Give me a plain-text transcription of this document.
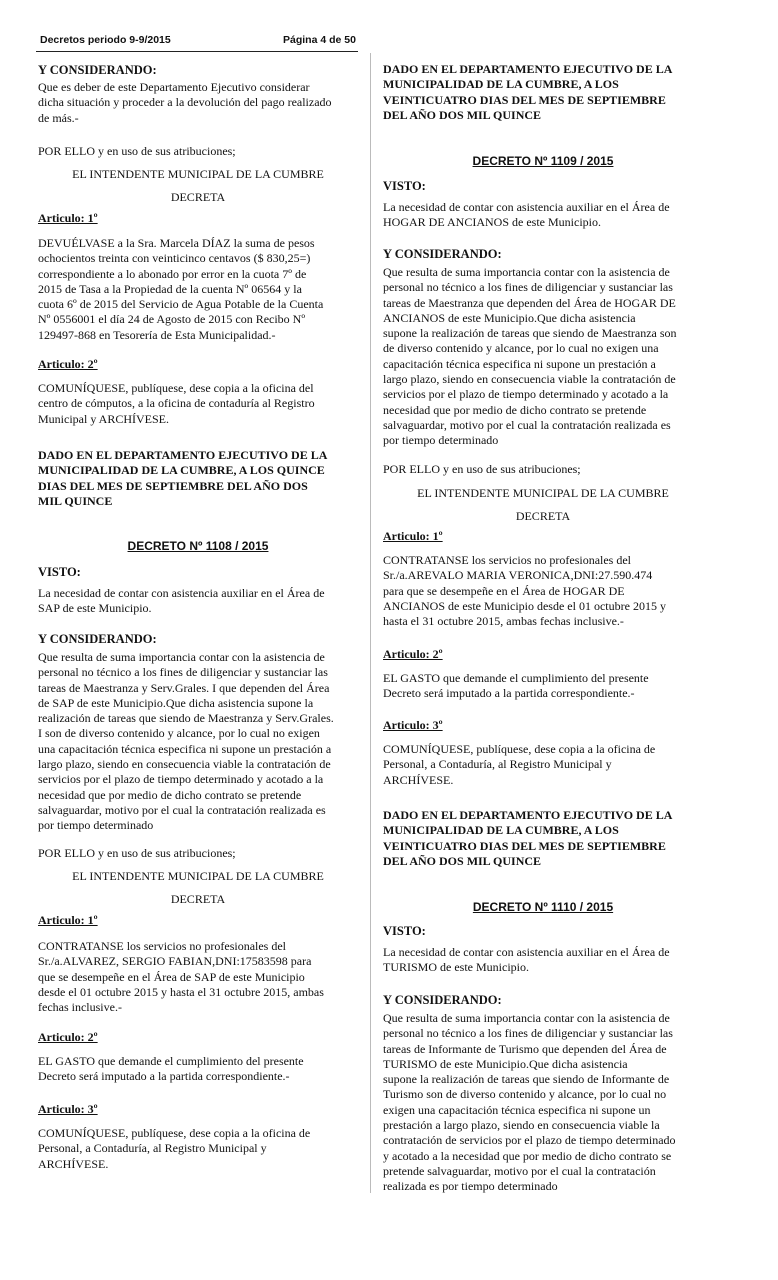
Decretos periodo 9-9/2015	Página 4 de 50
Y CONSIDERANDO:
Que es deber de este Departamento Ejecutivo considerar
dicha situación y proceder a la devolución del pago realizado
de más.-
POR ELLO y en uso de sus atribuciones;
EL INTENDENTE MUNICIPAL DE LA CUMBRE
DECRETA
Articulo: 1º
DEVUÉLVASE a la Sra. Marcela DÍAZ la suma de pesos
ochocientos treinta con veinticinco centavos ($ 830,25=)
correspondiente a lo abonado por error en la cuota 7º de
2015 de Tasa a la Propiedad de la cuenta Nº 06564 y la
cuota 6º de 2015 del Servicio de Agua Potable de la Cuenta
Nº 0556001 el día 24 de Agosto de 2015 con Recibo Nº
129497-868 en Tesorería de Esta Municipalidad.-
Articulo: 2º
COMUNÍQUESE, publíquese, dese copia a la oficina del
centro de cómputos, a la oficina de contaduría al Registro
Municipal y ARCHÍVESE.
DADO EN EL DEPARTAMENTO EJECUTIVO DE LA
MUNICIPALIDAD DE LA CUMBRE, A LOS QUINCE
DIAS DEL MES DE SEPTIEMBRE DEL AÑO DOS
MIL QUINCE
DECRETO Nº 1108 / 2015
VISTO:
La necesidad de contar con asistencia auxiliar en el Área de
SAP de este Municipio.
Y CONSIDERANDO:
Que resulta de suma importancia contar con la asistencia de
personal no técnico a los fines de diligenciar y sustanciar las
tareas de Maestranza y Serv.Grales. I que dependen del Área
de SAP de este Municipio.Que dicha asistencia supone la
realización de tareas que siendo de Maestranza y Serv.Grales.
I son de diverso contenido y alcance, por lo cual no exigen
una capacitación técnica especifica ni supone un prestación a
largo plazo, siendo en consecuencia viable la contratación de
servicios por el plazo de tiempo determinado y acotado a la
necesidad que por medio de dicho contrato se pretende
salvaguardar, motivo por el cual la contratación realizada es
por tiempo determinado
POR ELLO y en uso de sus atribuciones;
EL INTENDENTE MUNICIPAL DE LA CUMBRE
DECRETA
Articulo: 1º
CONTRATANSE los servicios no profesionales del
Sr./a.ALVAREZ, SERGIO FABIAN,DNI:17583598 para
que se desempeñe en el Área de SAP de este Municipio
desde el 01 octubre 2015 y hasta el 31 octubre 2015, ambas
fechas inclusive.-
Articulo: 2º
EL GASTO que demande el cumplimiento del presente
Decreto será imputado a la partida correspondiente.-
Articulo: 3º
COMUNÍQUESE, publíquese, dese copia a la oficina de
Personal, a Contaduría, al Registro Municipal y
ARCHÍVESE.
DADO EN EL DEPARTAMENTO EJECUTIVO DE LA
MUNICIPALIDAD DE LA CUMBRE, A LOS
VEINTICUATRO DIAS DEL MES DE SEPTIEMBRE
DEL AÑO DOS MIL QUINCE
DECRETO Nº 1109 / 2015
VISTO:
La necesidad de contar con asistencia auxiliar en el Área de
HOGAR DE ANCIANOS de este Municipio.
Y CONSIDERANDO:
Que resulta de suma importancia contar con la asistencia de
personal no técnico a los fines de diligenciar y sustanciar las
tareas de Maestranza que dependen del Área de HOGAR DE
ANCIANOS de este Municipio.Que dicha asistencia
supone la realización de tareas que siendo de Maestranza son
de diverso contenido y alcance, por lo cual no exigen una
capacitación técnica especifica ni supone un prestación a
largo plazo, siendo en consecuencia viable la contratación de
servicios por el plazo de tiempo determinado y acotado a la
necesidad que por medio de dicho contrato se pretende
salvaguardar, motivo por el cual la contratación realizada es
por tiempo determinado
POR ELLO y en uso de sus atribuciones;
EL INTENDENTE MUNICIPAL DE LA CUMBRE
DECRETA
Articulo: 1º
CONTRATANSE los servicios no profesionales del
Sr./a.AREVALO MARIA VERONICA,DNI:27.590.474
para que se desempeñe en el Área de HOGAR DE
ANCIANOS de este Municipio desde el 01 octubre 2015 y
hasta el 31 octubre 2015, ambas fechas inclusive.-
Articulo: 2º
EL GASTO que demande el cumplimiento del presente
Decreto será imputado a la partida correspondiente.-
Articulo: 3º
COMUNÍQUESE, publíquese, dese copia a la oficina de
Personal, a Contaduría, al Registro Municipal y
ARCHÍVESE.
DADO EN EL DEPARTAMENTO EJECUTIVO DE LA
MUNICIPALIDAD DE LA CUMBRE, A LOS
VEINTICUATRO DIAS DEL MES DE SEPTIEMBRE
DEL AÑO DOS MIL QUINCE
DECRETO Nº 1110 / 2015
VISTO:
La necesidad de contar con asistencia auxiliar en el Área de
TURISMO de este Municipio.
Y CONSIDERANDO:
Que resulta de suma importancia contar con la asistencia de
personal no técnico a los fines de diligenciar y sustanciar las
tareas de Informante de Turismo que dependen del Área de
TURISMO de este Municipio.Que dicha asistencia
supone la realización de tareas que siendo de Informante de
Turismo son de diverso contenido y alcance, por lo cual no
exigen una capacitación técnica especifica ni supone un
prestación a largo plazo, siendo en consecuencia viable la
contratación de servicios por el plazo de tiempo determinado
y acotado a la necesidad que por medio de dicho contrato se
pretende salvaguardar, motivo por el cual la contratación
realizada es por tiempo determinado
